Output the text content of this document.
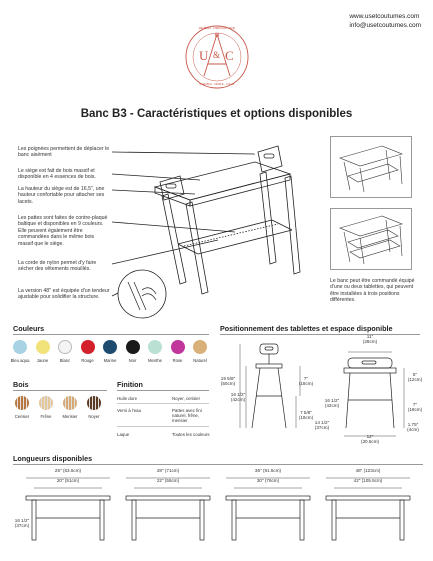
www.usetcoutumes.com
info@usetcoutumes.com
U & C
MEUBLES · FABRIQUE · MAIN
DURABLE · SIMPLE · LOCAL
Banc B3 - Caractéristiques et options disponibles
Les poignées permettent de déplacer le banc aisément
Le siège est fait de bois massif et disponible en 4 essences de bois.
La hauteur du siège est de 16,5", une hauteur confortable pour attacher ses lacets.
Les pattes sont faites de contre-plaqué baltique et disponibles en 9 couleurs. Elle peuvent également être commandées dans le même bois massif que le siège.
La corde de nylon permet d'y faire sécher des vêtements mouillés.
La version 48'' est équipée d'un tendeur ajustable pour solidifier la structure.
Le banc peut être commandé équipé d'une ou deux tablettes, qui peuvent être installées à trois positions différentes.
Couleurs
Bleu aqua	Jaune	Blanc	Rouge	Marine	Noir	Menthe	Rose	Naturel
Bois
Cerisier	Frêne	Merisier	Noyer
Finition
Huile dure	Noyer, cerisier
Verni à l'eau	Pattes avec fini naturel, frêne, merisier
Laque	Toutes les couleurs
Positionnement des tablettes et espace disponible
19 5/8"
(50cm)
16 1/2"
(42cm)
7"
(18cm)
7 5/8"
(19cm)
14 1/2"
(37cm)
16 1/2"
(42cm)
11"
(28cm)
5"
(12cm)
7"
(18cm)
1.75"
(4cm)
12"
(30.5cm)
Longueurs disponibles
16 1/2"
(37cm)
25" (63.5cm)
20" (51cm)
28" (71cm)
22" (55cm)
36" (91.5cm)
30" (76cm)
48" (123cm)
42" (105.5cm)
